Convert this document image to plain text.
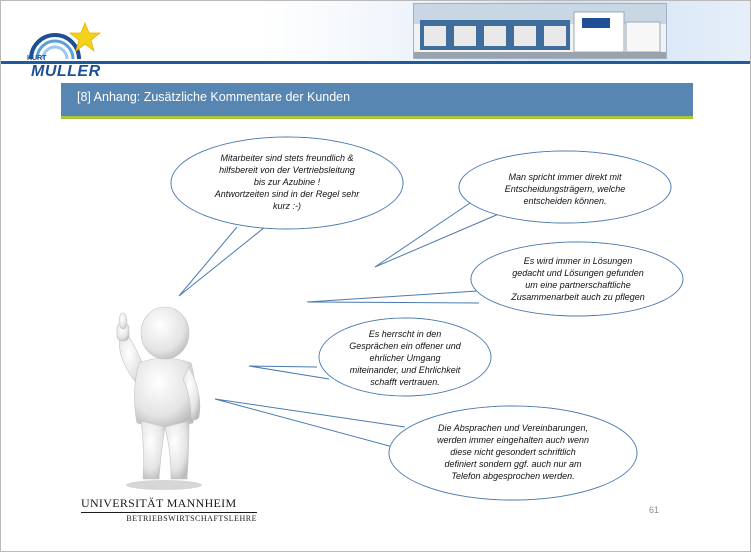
KURT
MÜLLER
[8] Anhang: Zusätzliche Kommentare der Kunden
Mitarbeiter sind stets freundlich &
hilfsbereit von der Vertriebsleitung
bis zur Azubine !
Antwortzeiten sind in der Regel sehr
kurz :-)
Man spricht immer direkt mit
Entscheidungsträgern, welche
entscheiden können.
Es wird immer in Lösungen
gedacht und Lösungen gefunden
um eine partnerschaftliche
Zusammenarbeit auch zu pflegen
Es herrscht in den
Gesprächen ein offener und
ehrlicher Umgang
miteinander, und Ehrlichkeit
schafft vertrauen.
Die Absprachen und Vereinbarungen,
werden immer eingehalten auch wenn
diese nicht gesondert schriftlich
definiert sondern ggf. auch nur am
Telefon abgesprochen werden.
UNIVERSITÄT MANNHEIM
BETRIEBSWIRTSCHAFTSLEHRE
61
